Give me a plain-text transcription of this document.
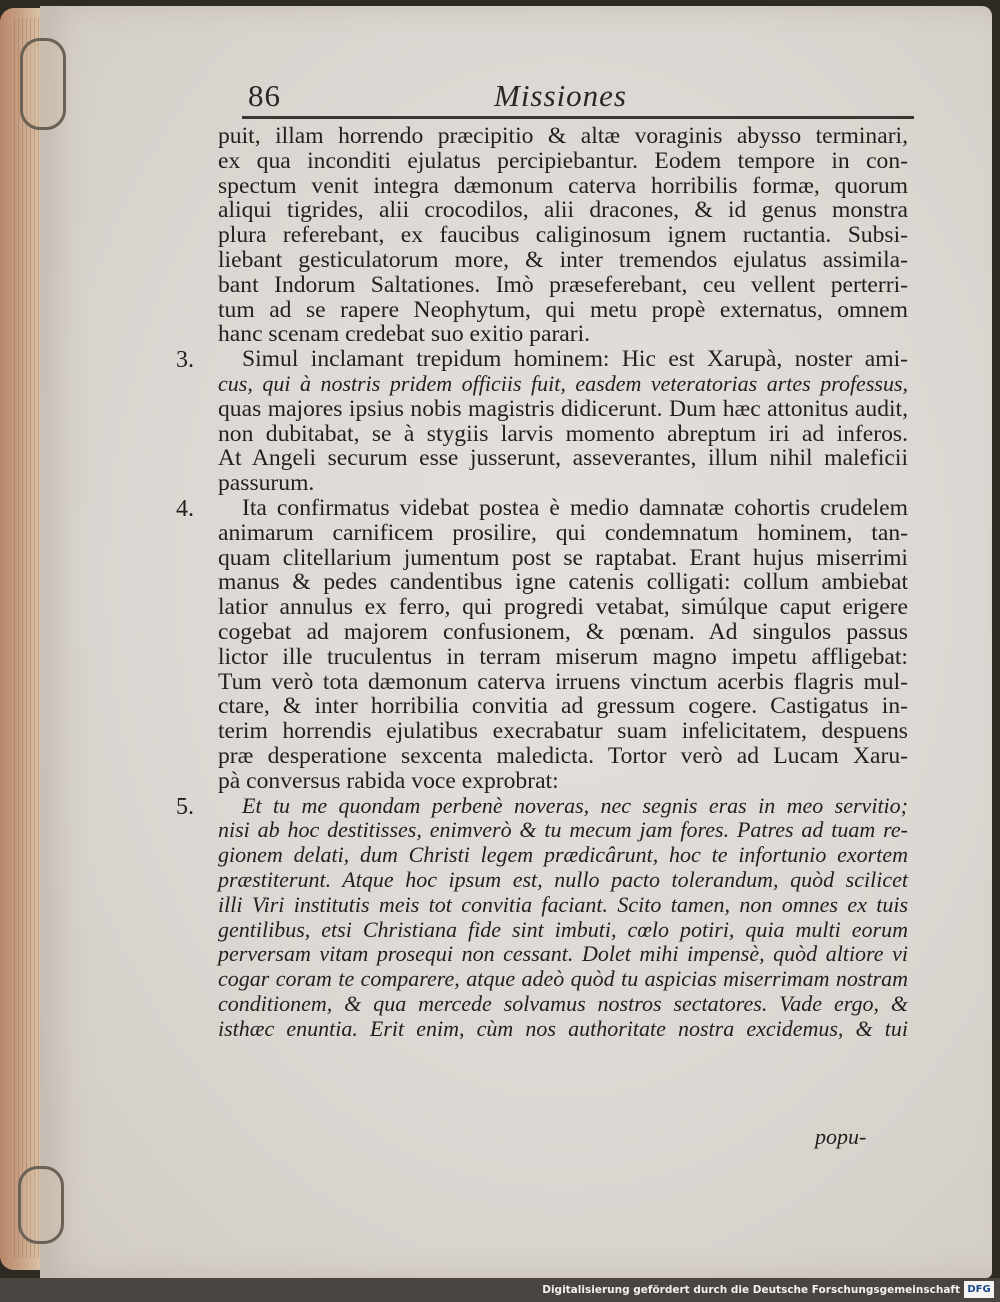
86	Missiones
puit, illam horrendo præcipitio & altæ voraginis abysso terminari,
ex qua inconditi ejulatus percipiebantur. Eodem tempore in con-
spectum venit integra dæmonum caterva horribilis formæ, quorum
aliqui tigrides, alii crocodilos, alii dracones, & id genus monstra
plura referebant, ex faucibus caliginosum ignem ructantia. Subsi-
liebant gesticulatorum more, & inter tremendos ejulatus assimila-
bant Indorum Saltationes. Imò præseferebant, ceu vellent perterri-
tum ad se rapere Neophytum, qui metu propè externatus, omnem
hanc scenam credebat suo exitio parari.
3.	Simul inclamant trepidum hominem: Hic est Xarupà, noster ami-
cus, qui à nostris pridem officiis fuit, easdem veteratorias artes professus,
quas majores ipsius nobis magistris didicerunt. Dum hæc attonitus audit,
non dubitabat, se à stygiis larvis momento abreptum iri ad inferos.
At Angeli securum esse jusserunt, asseverantes, illum nihil maleficii
passurum.
4.	Ita confirmatus videbat postea è medio damnatæ cohortis crudelem
animarum carnificem prosilire, qui condemnatum hominem, tan-
quam clitellarium jumentum post se raptabat. Erant hujus miserrimi
manus & pedes candentibus igne catenis colligati: collum ambiebat
latior annulus ex ferro, qui progredi vetabat, simúlque caput erigere
cogebat ad majorem confusionem, & pœnam. Ad singulos passus
lictor ille truculentus in terram miserum magno impetu affligebat:
Tum verò tota dæmonum caterva irruens vinctum acerbis flagris mul-
ctare, & inter horribilia convitia ad gressum cogere. Castigatus in-
terim horrendis ejulatibus execrabatur suam infelicitatem, despuens
præ desperatione sexcenta maledicta. Tortor verò ad Lucam Xaru-
pà conversus rabida voce exprobrat:
5.	Et tu me quondam perbenè noveras, nec segnis eras in meo servitio;
nisi ab hoc destitisses, enimverò & tu mecum jam fores. Patres ad tuam re-
gionem delati, dum Christi legem prædicârunt, hoc te infortunio exortem
præstiterunt. Atque hoc ipsum est, nullo pacto tolerandum, quòd scilicet
illi Viri institutis meis tot convitia faciant. Scito tamen, non omnes ex tuis
gentilibus, etsi Christiana fide sint imbuti, cœlo potiri, quia multi eorum
perversam vitam prosequi non cessant. Dolet mihi impensè, quòd altiore vi
cogar coram te comparere, atque adeò quòd tu aspicias miserrimam nostram
conditionem, & qua mercede solvamus nostros sectatores. Vade ergo, &
isthæc enuntia. Erit enim, cùm nos authoritate nostra excidemus, & tui
popu-
Digitalisierung gefördert durch die Deutsche Forschungsgemeinschaft DFG
